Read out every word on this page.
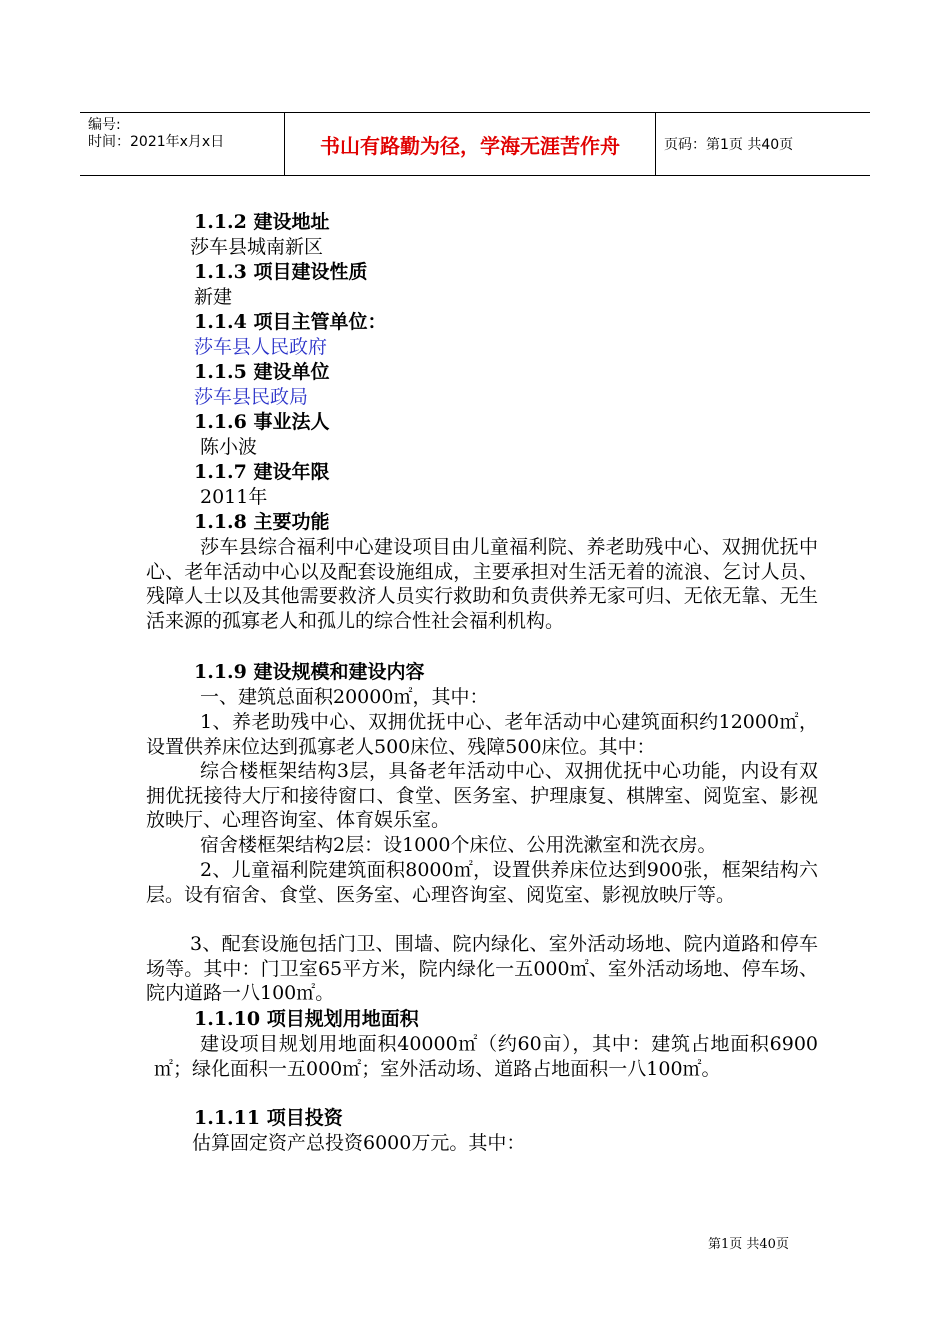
编号:
时间：2021年x月x日	书山有路勤为径，学海无涯苦作舟	页码：第1页 共40页
1.1.2 建设地址
莎车县城南新区
1.1.3 项目建设性质
新建
1.1.4 项目主管单位：
莎车县人民政府
1.1.5 建设单位
莎车县民政局
1.1.6 事业法人
陈小波
1.1.7 建设年限
2011年
1.1.8 主要功能
莎车县综合福利中心建设项目由儿童福利院、养老助残中心、双拥优抚中心、老年活动中心以及配套设施组成，主要承担对生活无着的流浪、乞讨人员、残障人士以及其他需要救济人员实行救助和负责供养无家可归、无依无靠、无生活来源的孤寡老人和孤儿的综合性社会福利机构。
1.1.9 建设规模和建设内容
一、建筑总面积20000㎡，其中：
1、养老助残中心、双拥优抚中心、老年活动中心建筑面积约12000㎡，设置供养床位达到孤寡老人500床位、残障500床位。其中：
综合楼框架结构3层，具备老年活动中心、双拥优抚中心功能，内设有双拥优抚接待大厅和接待窗口、食堂、医务室、护理康复、棋牌室、阅览室、影视放映厅、心理咨询室、体育娱乐室。
宿舍楼框架结构2层：设1000个床位、公用洗漱室和洗衣房。
2、儿童福利院建筑面积8000㎡，设置供养床位达到900张，框架结构六层。设有宿舍、食堂、医务室、心理咨询室、阅览室、影视放映厅等。
3、配套设施包括门卫、围墙、院内绿化、室外活动场地、院内道路和停车场等。其中：门卫室65平方米，院内绿化一五000㎡、室外活动场地、停车场、院内道路一八100㎡。
1.1.10 项目规划用地面积
建设项目规划用地面积40000㎡（约60亩），其中：建筑占地面积6900㎡；绿化面积一五000㎡；室外活动场、道路占地面积一八100㎡。
1.1.11 项目投资
估算固定资产总投资6000万元。其中：
第1页 共40页
